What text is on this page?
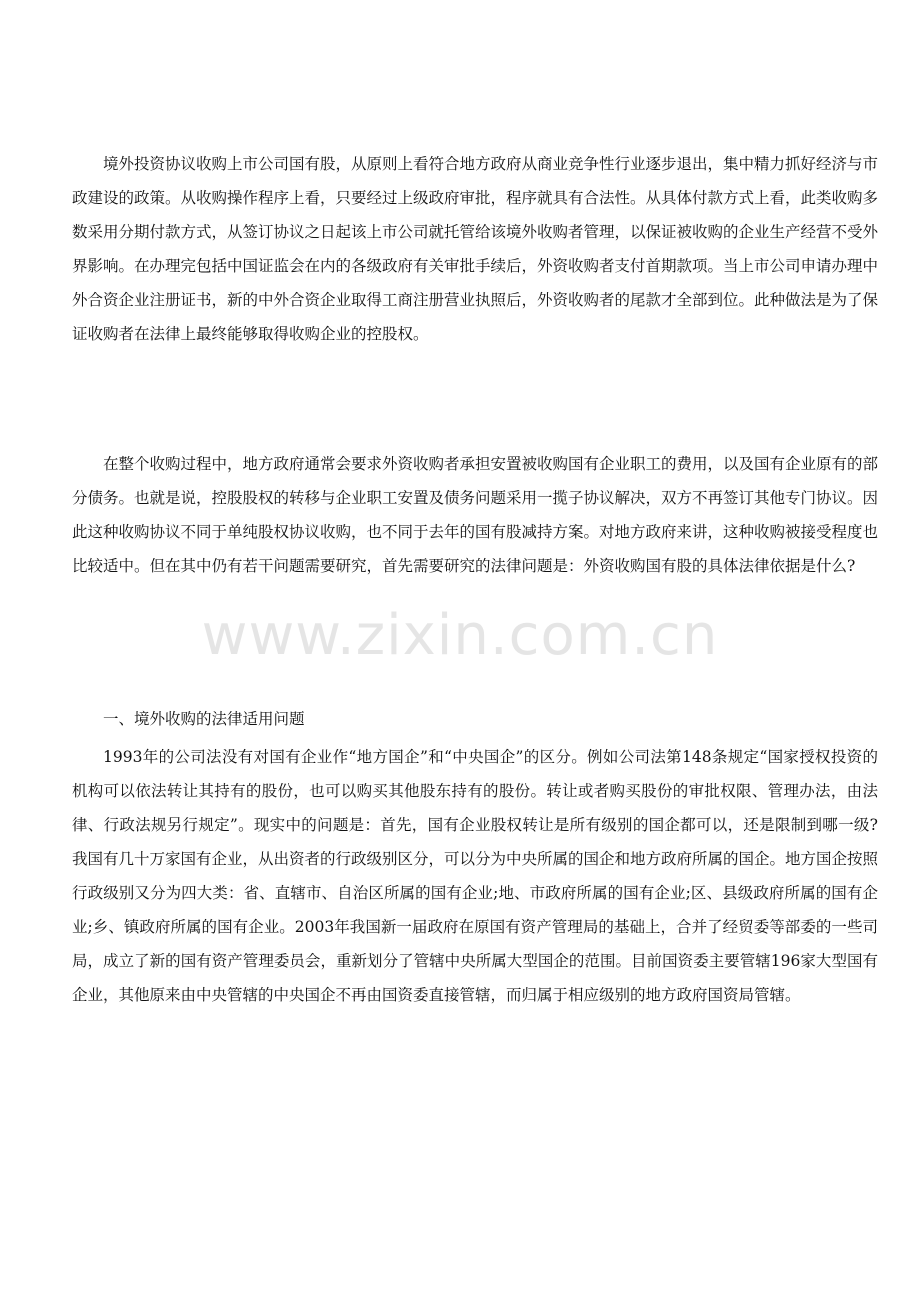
境外投资协议收购上市公司国有股，从原则上看符合地方政府从商业竞争性行业逐步退出，集中精力抓好经济与市政建设的政策。从收购操作程序上看，只要经过上级政府审批，程序就具有合法性。从具体付款方式上看，此类收购多数采用分期付款方式，从签订协议之日起该上市公司就托管给该境外收购者管理，以保证被收购的企业生产经营不受外界影响。在办理完包括中国证监会在内的各级政府有关审批手续后，外资收购者支付首期款项。当上市公司申请办理中外合资企业注册证书，新的中外合资企业取得工商注册营业执照后，外资收购者的尾款才全部到位。此种做法是为了保证收购者在法律上最终能够取得收购企业的控股权。

在整个收购过程中，地方政府通常会要求外资收购者承担安置被收购国有企业职工的费用，以及国有企业原有的部分债务。也就是说，控股股权的转移与企业职工安置及债务问题采用一揽子协议解决，双方不再签订其他专门协议。因此这种收购协议不同于单纯股权协议收购，也不同于去年的国有股减持方案。对地方政府来讲，这种收购被接受程度也比较适中。但在其中仍有若干问题需要研究，首先需要研究的法律问题是：外资收购国有股的具体法律依据是什么?

一、境外收购的法律适用问题

1993年的公司法没有对国有企业作“地方国企”和“中央国企”的区分。例如公司法第148条规定“国家授权投资的机构可以依法转让其持有的股份，也可以购买其他股东持有的股份。转让或者购买股份的审批权限、管理办法，由法律、行政法规另行规定”。现实中的问题是：首先，国有企业股权转让是所有级别的国企都可以，还是限制到哪一级?我国有几十万家国有企业，从出资者的行政级别区分，可以分为中央所属的国企和地方政府所属的国企。地方国企按照行政级别又分为四大类：省、直辖市、自治区所属的国有企业;地、市政府所属的国有企业;区、县级政府所属的国有企业;乡、镇政府所属的国有企业。2003年我国新一届政府在原国有资产管理局的基础上，合并了经贸委等部委的一些司局，成立了新的国有资产管理委员会，重新划分了管辖中央所属大型国企的范围。目前国资委主要管辖196家大型国有企业，其他原来由中央管辖的中央国企不再由国资委直接管辖，而归属于相应级别的地方政府国资局管辖。

www.zixin.com.cn
